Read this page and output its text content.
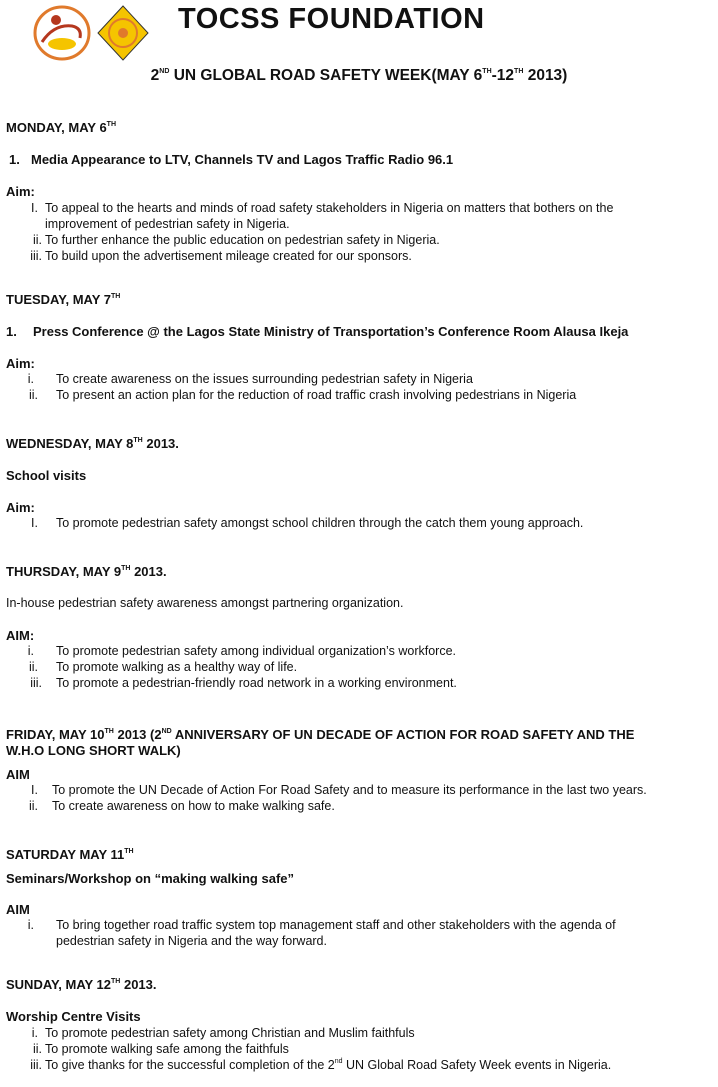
TOCSS FOUNDATION
2ND UN GLOBAL ROAD SAFETY WEEK(MAY 6TH-12TH 2013)
MONDAY, MAY 6TH
1. Media Appearance to LTV, Channels TV and Lagos Traffic Radio 96.1
Aim:
I. To appeal to the hearts and minds of road safety stakeholders in Nigeria on matters that bothers on the
improvement of pedestrian safety in Nigeria.
ii. To further enhance the public education on pedestrian safety in Nigeria.
iii. To build upon the advertisement mileage created for our sponsors.
TUESDAY, MAY 7TH
1. Press Conference @ the Lagos State Ministry of Transportation’s Conference Room Alausa Ikeja
Aim:
i. To create awareness on the issues surrounding pedestrian safety in Nigeria
ii. To present an action plan for the reduction of road traffic crash involving pedestrians in Nigeria
WEDNESDAY, MAY 8TH 2013.
School visits
Aim:
I. To promote pedestrian safety amongst school children through the catch them young approach.
THURSDAY, MAY 9TH 2013.
In-house pedestrian safety awareness amongst partnering organization.
AIM:
i. To promote pedestrian safety among individual organization’s workforce.
ii. To promote walking as a healthy way of life.
iii. To promote a pedestrian-friendly road network in a working environment.
FRIDAY, MAY 10TH 2013 (2ND ANNIVERSARY OF UN DECADE OF ACTION FOR ROAD SAFETY AND THE
W.H.O LONG SHORT WALK)
AIM
I. To promote the UN Decade of Action For Road Safety and to measure its performance in the last two years.
ii. To create awareness on how to make walking safe.
SATURDAY MAY 11TH
Seminars/Workshop on “making walking safe”
AIM
i. To bring together road traffic system top management staff and other stakeholders with the agenda of
pedestrian safety in Nigeria and the way forward.
SUNDAY, MAY 12TH 2013.
Worship Centre Visits
i. To promote pedestrian safety among Christian and Muslim faithfuls
ii. To promote walking safe among the faithfuls
iii. To give thanks for the successful completion of the 2nd UN Global Road Safety Week events in Nigeria.
